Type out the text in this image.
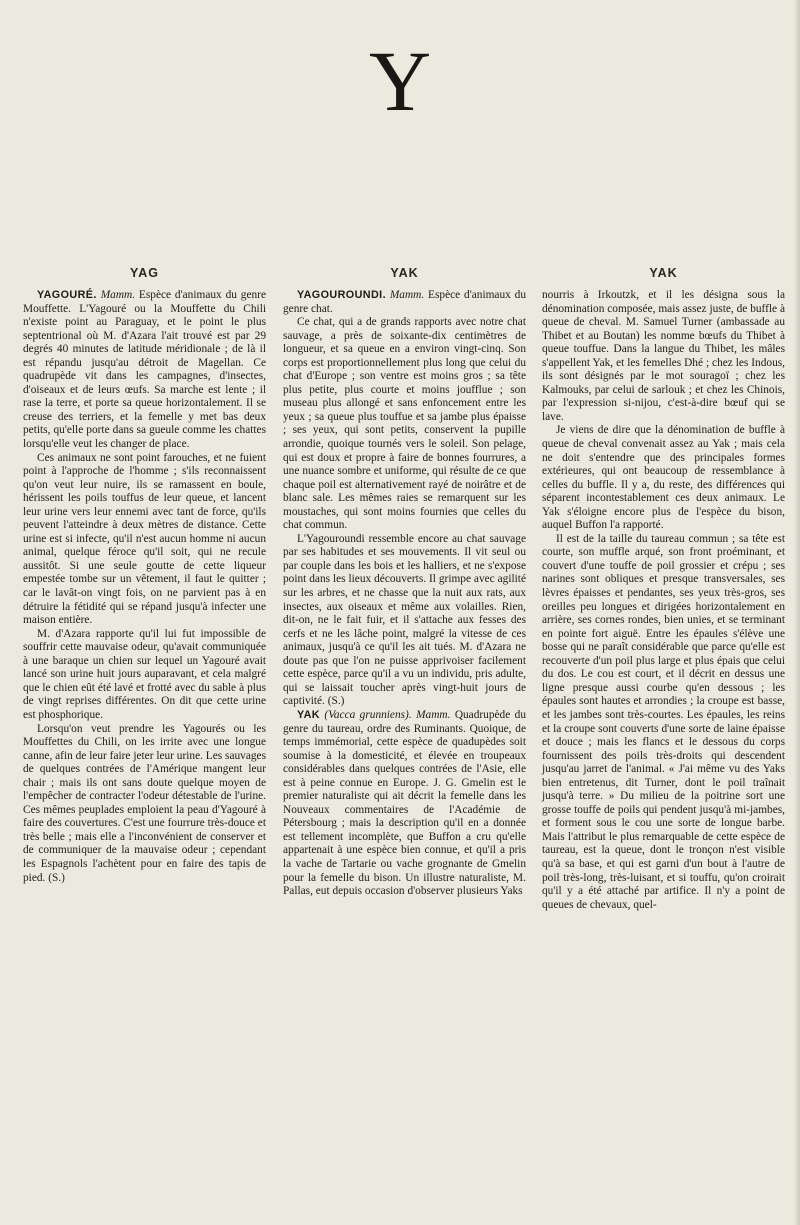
Y
YAG

YAGOURÉ. Mamm. Espèce d'animaux du genre Mouffette. L'Yagouré ou la Mouffette du Chili n'existe point au Paraguay, et le point le plus septentrional où M. d'Azara l'ait trouvé est par 29 degrés 40 minutes de latitude méridionale ; de là il est répandu jusqu'au détroit de Magellan. Ce quadrupède vit dans les campagnes, d'insectes, d'oiseaux et de leurs œufs. Sa marche est lente ; il rase la terre, et porte sa queue horizontalement. Il se creuse des terriers, et la femelle y met bas deux petits, qu'elle porte dans sa gueule comme les chattes lorsqu'elle veut les changer de place.

Ces animaux ne sont point farouches, et ne fuient point à l'approche de l'homme ; s'ils reconnaissent qu'on veut leur nuire, ils se ramassent en boule, hérissent les poils touffus de leur queue, et lancent leur urine vers leur ennemi avec tant de force, qu'ils peuvent l'atteindre à deux mètres de distance. Cette urine est si infecte, qu'il n'est aucun homme ni aucun animal, quelque féroce qu'il soit, qui ne recule aussitôt. Si une seule goutte de cette liqueur empestée tombe sur un vêtement, il faut le quitter ; car le lavât-on vingt fois, on ne parvient pas à en détruire la fétidité qui se répand jusqu'à infecter une maison entière.

M. d'Azara rapporte qu'il lui fut impossible de souffrir cette mauvaise odeur, qu'avait communiquée à une baraque un chien sur lequel un Yagouré avait lancé son urine huit jours auparavant, et cela malgré que le chien eût été lavé et frotté avec du sable à plus de vingt reprises différentes. On dit que cette urine est phosphorique.

Lorsqu'on veut prendre les Yagourés ou les Mouffettes du Chili, on les irrite avec une longue canne, afin de leur faire jeter leur urine. Les sauvages de quelques contrées de l'Amérique mangent leur chair ; mais ils ont sans doute quelque moyen de l'empêcher de contracter l'odeur détestable de l'urine. Ces mêmes peuplades emploient la peau d'Yagouré à faire des couvertures. C'est une fourrure très-douce et très belle ; mais elle a l'inconvénient de conserver et de communiquer de la mauvaise odeur ; cependant les Espagnols l'achètent pour en faire des tapis de pied. (S.)

YAK

YAGOUROUNDI. Mamm. Espèce d'animaux du genre chat.

Ce chat, qui a de grands rapports avec notre chat sauvage, a près de soixante-dix centimètres de longueur, et sa queue en a environ vingt-cinq. Son corps est proportionnellement plus long que celui du chat d'Europe ; son ventre est moins gros ; sa tête plus petite, plus courte et moins joufflue ; son museau plus allongé et sans enfoncement entre les yeux ; sa queue plus touffue et sa jambe plus épaisse ; ses yeux, qui sont petits, conservent la pupille arrondie, quoique tournés vers le soleil. Son pelage, qui est doux et propre à faire de bonnes fourrures, a une nuance sombre et uniforme, qui résulte de ce que chaque poil est alternativement rayé de noirâtre et de blanc sale. Les mêmes raies se remarquent sur les moustaches, qui sont moins fournies que celles du chat commun.

L'Yagouroundi ressemble encore au chat sauvage par ses habitudes et ses mouvements. Il vit seul ou par couple dans les bois et les halliers, et ne s'expose point dans les lieux découverts. Il grimpe avec agilité sur les arbres, et ne chasse que la nuit aux rats, aux insectes, aux oiseaux et même aux volailles. Rien, dit-on, ne le fait fuir, et il s'attache aux fesses des cerfs et ne les lâche point, malgré la vitesse de ces animaux, jusqu'à ce qu'il les ait tués. M. d'Azara ne doute pas que l'on ne puisse apprivoiser facilement cette espèce, parce qu'il a vu un individu, pris adulte, qui se laissait toucher après vingt-huit jours de captivité. (S.)

YAK (Vacca grunniens). Mamm. Quadrupède du genre du taureau, ordre des Ruminants. Quoique, de temps immémorial, cette espèce de quadupèdes soit soumise à la domesticité, et élevée en troupeaux considérables dans quelques contrées de l'Asie, elle est à peine connue en Europe. J. G. Gmelin est le premier naturaliste qui ait décrit la femelle dans les Nouveaux commentaires de l'Académie de Pétersbourg ; mais la description qu'il en a donnée est tellement incomplète, que Buffon a cru qu'elle appartenait à une espèce bien connue, et qu'il a pris la vache de Tartarie ou vache grognante de Gmelin pour la femelle du bison. Un illustre naturaliste, M. Pallas, eut depuis occasion d'observer plusieurs Yaks

YAK

nourris à Irkoutzk, et il les désigna sous la dénomination composée, mais assez juste, de buffle à queue de cheval. M. Samuel Turner (ambassade au Thibet et au Boutan) les nomme bœufs du Thibet à queue touffue. Dans la langue du Thibet, les mâles s'appellent Yak, et les femelles Dhé ; chez les Indous, ils sont désignés par le mot souragoï ; chez les Kalmouks, par celui de sarlouk ; et chez les Chinois, par l'expression si-nijou, c'est-à-dire bœuf qui se lave.

Je viens de dire que la dénomination de buffle à queue de cheval convenait assez au Yak ; mais cela ne doit s'entendre que des principales formes extérieures, qui ont beaucoup de ressemblance à celles du buffle. Il y a, du reste, des différences qui séparent incontestablement ces deux animaux. Le Yak s'éloigne encore plus de l'espèce du bison, auquel Buffon l'a rapporté.

Il est de la taille du taureau commun ; sa tête est courte, son muffle arqué, son front proéminant, et couvert d'une touffe de poil grossier et crépu ; ses narines sont obliques et presque transversales, ses lèvres épaisses et pendantes, ses yeux très-gros, ses oreilles peu longues et dirigées horizontalement en arrière, ses cornes rondes, bien unies, et se terminant en pointe fort aiguë. Entre les épaules s'élève une bosse qui ne paraît considérable que parce qu'elle est recouverte d'un poil plus large et plus épais que celui du dos. Le cou est court, et il décrit en dessus une ligne presque aussi courbe qu'en dessous ; les épaules sont hautes et arrondies ; la croupe est basse, et les jambes sont très-courtes. Les épaules, les reins et la croupe sont couverts d'une sorte de laine épaisse et douce ; mais les flancs et le dessous du corps fournissent des poils très-droits qui descendent jusqu'au jarret de l'animal. « J'ai même vu des Yaks bien entretenus, dit Turner, dont le poil traînait jusqu'à terre. » Du milieu de la poitrine sort une grosse touffe de poils qui pendent jusqu'à mi-jambes, et forment sous le cou une sorte de longue barbe. Mais l'attribut le plus remarquable de cette espèce de taureau, est la queue, dont le tronçon n'est visible qu'à sa base, et qui est garni d'un bout à l'autre de poil très-long, très-luisant, et si touffu, qu'on croirait qu'il y a été attaché par artifice. Il n'y a point de queues de chevaux, quel-
